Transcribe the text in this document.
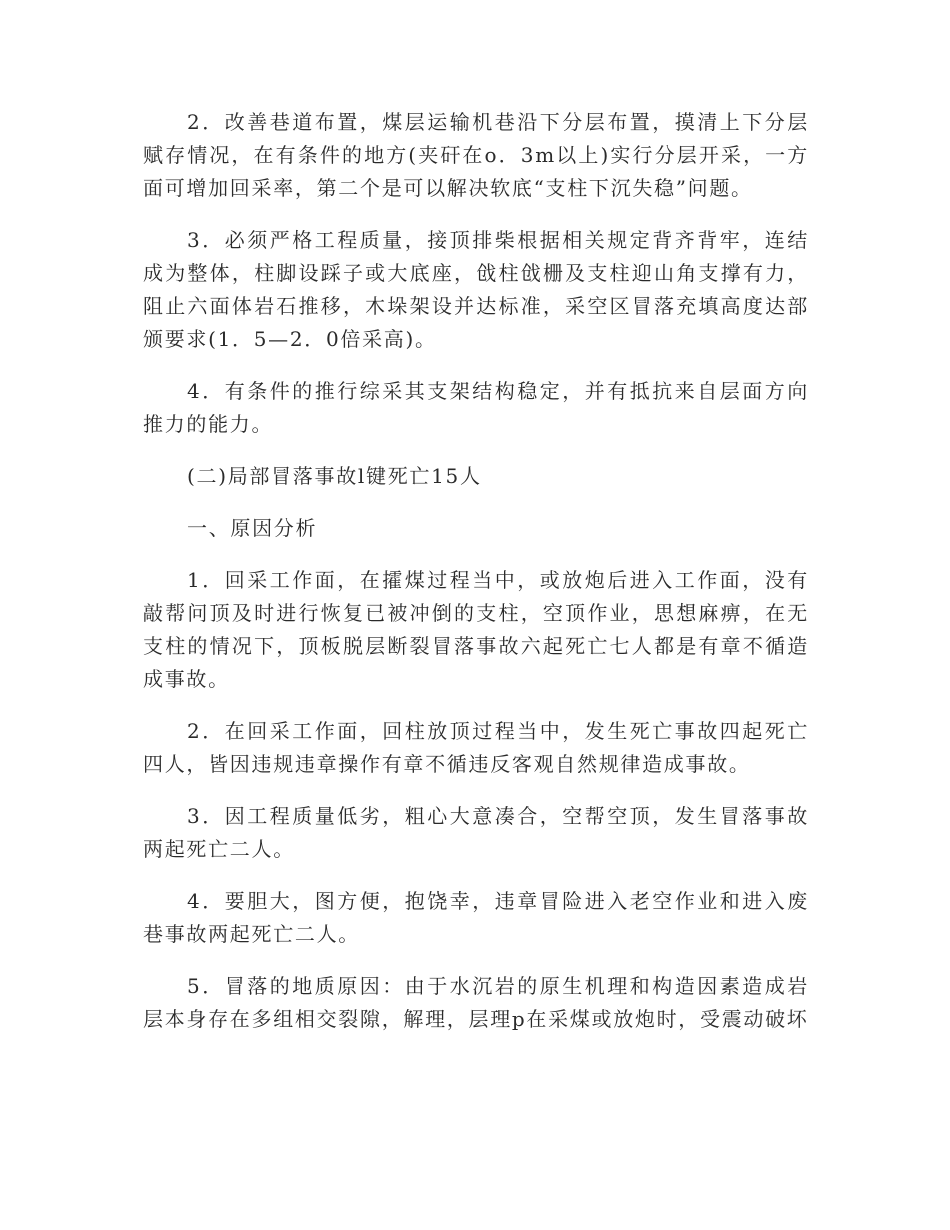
2．改善巷道布置，煤层运输机巷沿下分层布置，摸清上下分层赋存情况，在有条件的地方(夹矸在o．3m以上)实行分层开采，一方面可增加回采率，第二个是可以解决软底“支柱下沉失稳”问题。

3．必须严格工程质量，接顶排柴根据相关规定背齐背牢，连结成为整体，柱脚设踩子或大底座，戗柱戗栅及支柱迎山角支撑有力，阻止六面体岩石推移，木垛架设并达标准，采空区冒落充填高度达部颁要求(1．5—2．0倍采高)。

4．有条件的推行综采其支架结构稳定，并有抵抗来自层面方向推力的能力。

(二)局部冒落事故l键死亡15人

一、原因分析

1．回采工作面，在攉煤过程当中，或放炮后进入工作面，没有敲帮问顶及时进行恢复已被冲倒的支柱，空顶作业，思想麻痹，在无支柱的情况下，顶板脱层断裂冒落事故六起死亡七人都是有章不循造成事故。

2．在回采工作面，回柱放顶过程当中，发生死亡事故四起死亡四人，皆因违规违章操作有章不循违反客观自然规律造成事故。

3．因工程质量低劣，粗心大意凑合，空帮空顶，发生冒落事故两起死亡二人。

4．要胆大，图方便，抱饶幸，违章冒险进入老空作业和进入废巷事故两起死亡二人。

5．冒落的地质原因：由于水沉岩的原生机理和构造因素造成岩层本身存在多组相交裂隙，解理，层理p在采煤或放炮时，受震动破坏
